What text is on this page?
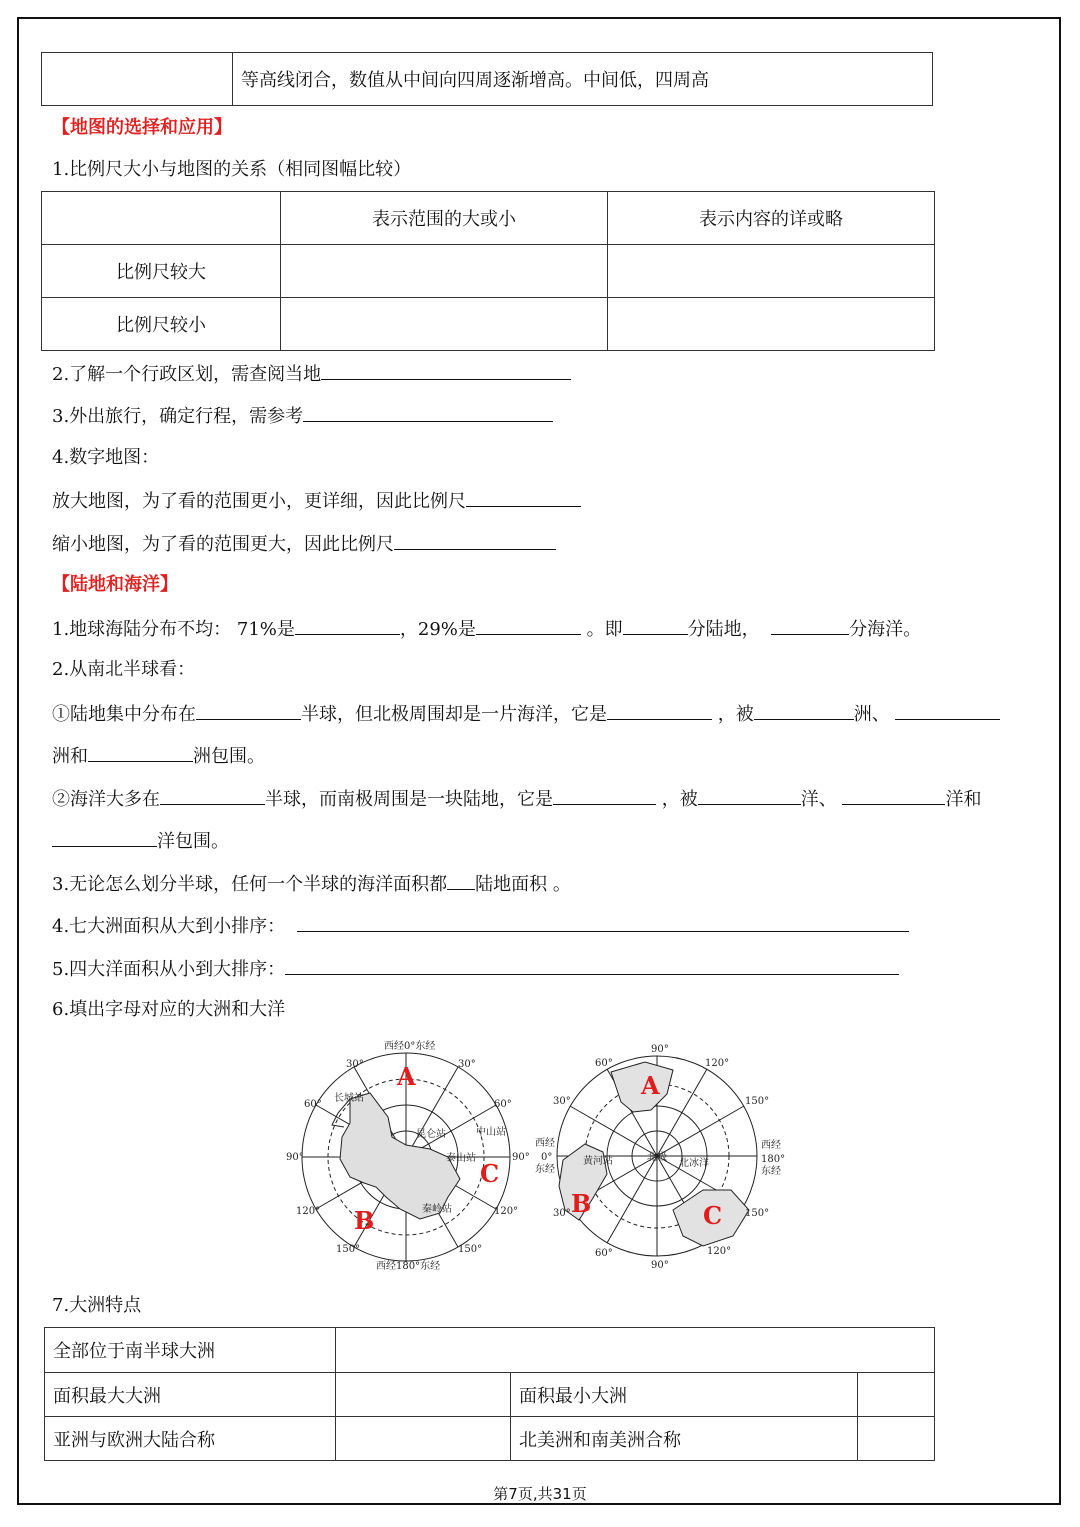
	等高线闭合，数值从中间向四周逐渐增高。中间低，四周高
【地图的选择和应用】
1.比例尺大小与地图的关系（相同图幅比较）
	表示范围的大或小	表示内容的详或略
比例尺较大		
比例尺较小		
2.了解一个行政区划，需查阅当地
3.外出旅行，确定行程，需参考
4.数字地图：
放大地图，为了看的范围更小，更详细，因此比例尺
缩小地图，为了看的范围更大，因此比例尺
【陆地和海洋】
1.地球海陆分布不均： 71%是	，29%是	。即	分陆地，	分海洋。
2.从南北半球看：
①陆地集中分布在	半球，但北极周围却是一片海洋，它是	，被	洲、
洲和	洲包围。
②海洋大多在	半球，而南极周围是一块陆地，它是	，被	洋、	洋和
洋包围。
3.无论怎么划分半球，任何一个半球的海洋面积都 陆地面积 。
4.七大洲面积从大到小排序：
5.四大洋面积从小到大排序：
6.填出字母对应的大洲和大洋
西经0°东经
西经180°东经
30°	30°
60°	60°
90°	90°
120°	120°
150°	150°
长城站
昆仑站	中山站
泰山站
秦岭站
A
B
C
90°
60°	120°
30°	150°
30°	150°
60°	120°
90°
西经
0°
东经
西经
180°
东经
黄河站	北极
北冰洋
A
B	C
7.大洲特点
全部位于南半球大洲			
面积最大大洲		面积最小大洲	
亚洲与欧洲大陆合称		北美洲和南美洲合称	
第7页,共31页
